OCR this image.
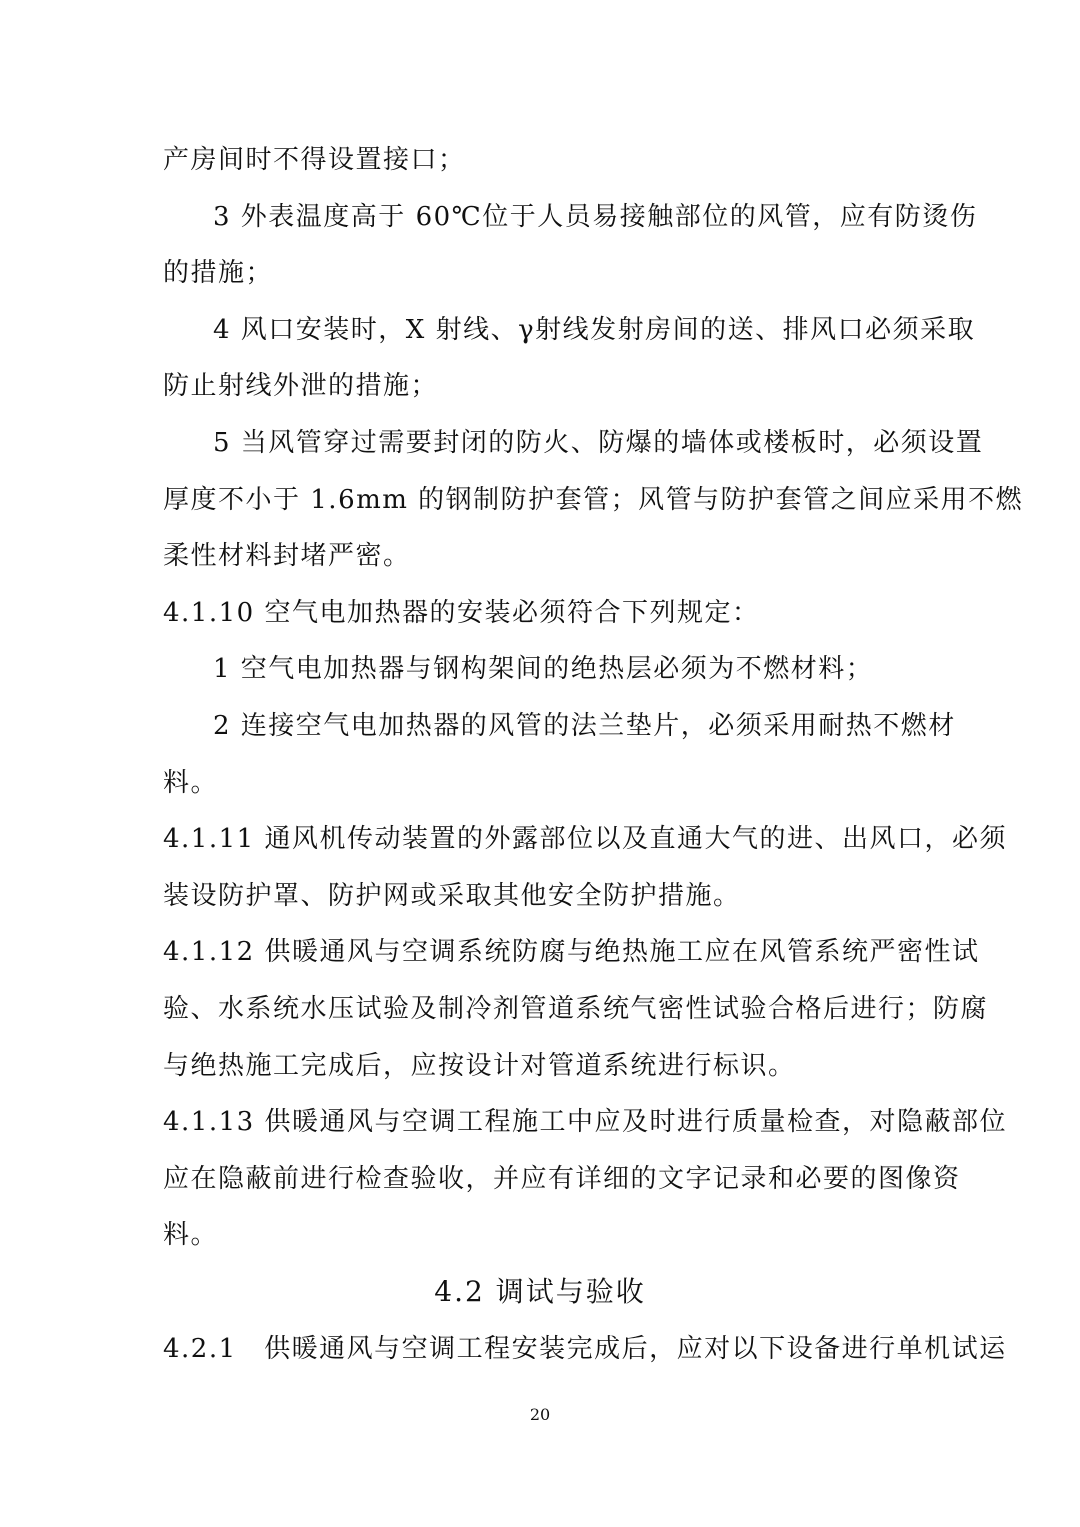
产房间时不得设置接口；
3 外表温度高于 60℃位于人员易接触部位的风管，应有防烫伤
的措施；
4 风口安装时，X 射线、γ射线发射房间的送、排风口必须采取
防止射线外泄的措施；
5 当风管穿过需要封闭的防火、防爆的墙体或楼板时，必须设置
厚度不小于 1.6mm 的钢制防护套管；风管与防护套管之间应采用不燃
柔性材料封堵严密。
4.1.10 空气电加热器的安装必须符合下列规定：
1 空气电加热器与钢构架间的绝热层必须为不燃材料；
2 连接空气电加热器的风管的法兰垫片，必须采用耐热不燃材
料。
4.1.11 通风机传动装置的外露部位以及直通大气的进、出风口，必须
装设防护罩、防护网或采取其他安全防护措施。
4.1.12 供暖通风与空调系统防腐与绝热施工应在风管系统严密性试
验、水系统水压试验及制冷剂管道系统气密性试验合格后进行；防腐
与绝热施工完成后，应按设计对管道系统进行标识。
4.1.13 供暖通风与空调工程施工中应及时进行质量检查，对隐蔽部位
应在隐蔽前进行检查验收，并应有详细的文字记录和必要的图像资
料。
4.2 调试与验收
4.2.1　供暖通风与空调工程安装完成后，应对以下设备进行单机试运
20
